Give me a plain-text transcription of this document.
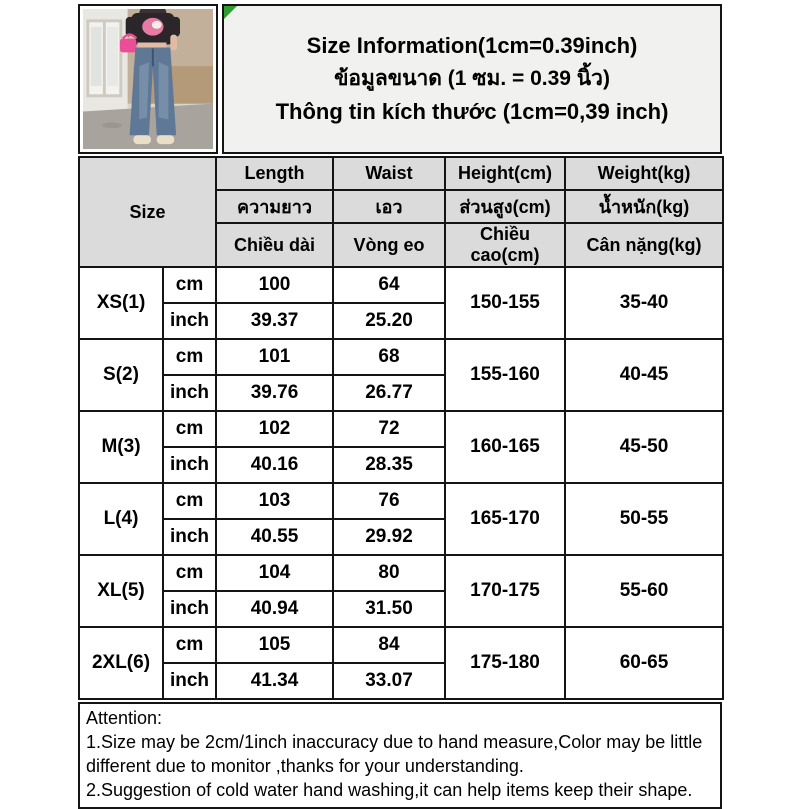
Size Information(1cm=0.39inch)
ข้อมูลขนาด (1 ซม. = 0.39 นิ้ว)
Thông tin kích thước (1cm=0,39 inch)
Size		Length	Waist	Height(cm)	Weight(kg)
		ความยาว	เอว	ส่วนสูง(cm)	น้ำหนัก(kg)
		Chiều dài	Vòng eo	Chiều cao(cm)	Cân nặng(kg)
XS(1)	cm	100	64	150-155	35-40
	inch	39.37	25.20		
S(2)	cm	101	68	155-160	40-45
	inch	39.76	26.77		
M(3)	cm	102	72	160-165	45-50
	inch	40.16	28.35		
L(4)	cm	103	76	165-170	50-55
	inch	40.55	29.92		
XL(5)	cm	104	80	170-175	55-60
	inch	40.94	31.50		
2XL(6)	cm	105	84	175-180	60-65
	inch	41.34	33.07		
Attention:
1.Size may be 2cm/1inch inaccuracy due to hand measure,Color may be little
different due to monitor ,thanks for your understanding.
2.Suggestion of cold water hand washing,it can help items keep their shape.
